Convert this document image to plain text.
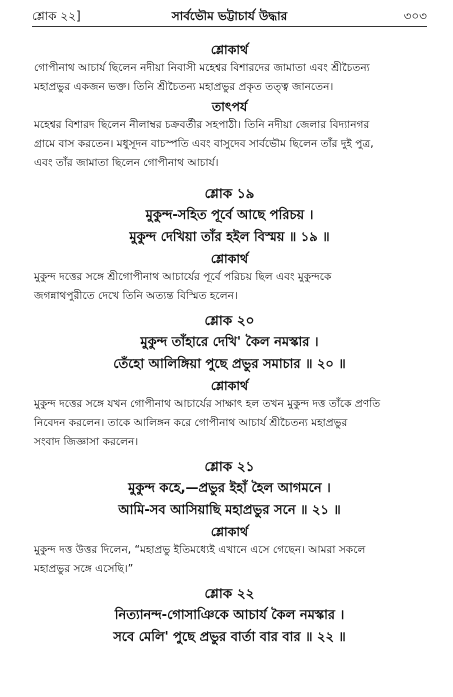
শ্লোক ২২]	সার্বভৌম ভট্টাচার্য উদ্ধার	৩০৩

শ্লোকার্থ

গোপীনাথ আচার্য ছিলেন নদীয়া নিবাসী মহেশ্বর বিশারদের জামাতা এবং শ্রীচৈতন্য

মহাপ্রভুর একজন ভক্ত। তিনি শ্রীচৈতন্য মহাপ্রভুর প্রকৃত তত্ত্ব জানতেন।

তাৎপর্য

মহেশ্বর বিশারদ ছিলেন নীলাম্বর চক্রবর্তীর সহপাঠী। তিনি নদীয়া জেলার বিদ্যানগর

গ্রামে বাস করতেন। মধুসূদন বাচস্পতি এবং বাসুদেব সার্বভৌম ছিলেন তাঁর দুই পুত্র,

এবং তাঁর জামাতা ছিলেন গোপীনাথ আচার্য।

শ্লোক ১৯

মুকুন্দ-সহিত পূর্বে আছে পরিচয় ।

মুকুন্দ দেখিয়া তাঁর হইল বিস্ময় ॥ ১৯ ॥

শ্লোকার্থ

মুকুন্দ দত্তের সঙ্গে শ্রীগোপীনাথ আচার্যের পূর্বে পরিচয় ছিল এবং মুকুন্দকে

জগন্নাথপুরীতে দেখে তিনি অত্যন্ত বিস্মিত হলেন।

শ্লোক ২০

মুকুন্দ তাঁহারে দেখি' কৈল নমস্কার ।

তেঁহো আলিঙ্গিয়া পুছে প্রভুর সমাচার ॥ ২০ ॥

শ্লোকার্থ

মুকুন্দ দত্তের সঙ্গে যখন গোপীনাথ আচার্যের সাক্ষাৎ হল তখন মুকুন্দ দত্ত তাঁকে প্রণতি

নিবেদন করলেন। তাকে আলিঙ্গন করে গোপীনাথ আচার্য শ্রীচৈতন্য মহাপ্রভুর

সংবাদ জিজ্ঞাসা করলেন।

শ্লোক ২১

মুকুন্দ কহে,—প্রভুর ইহাঁ হৈল আগমনে ।

আমি-সব আসিয়াছি মহাপ্রভুর সনে ॥ ২১ ॥

শ্লোকার্থ

মুকুন্দ দত্ত উত্তর দিলেন, “মহাপ্রভু ইতিমধ্যেই এখানে এসে গেছেন। আমরা সকলে

মহাপ্রভুর সঙ্গে এসেছি।”

শ্লোক ২২

নিত্যানন্দ-গোসাঞিকে আচার্য কৈল নমস্কার ।

সবে মেলি' পুছে প্রভুর বার্তা বার বার ॥ ২২ ॥
